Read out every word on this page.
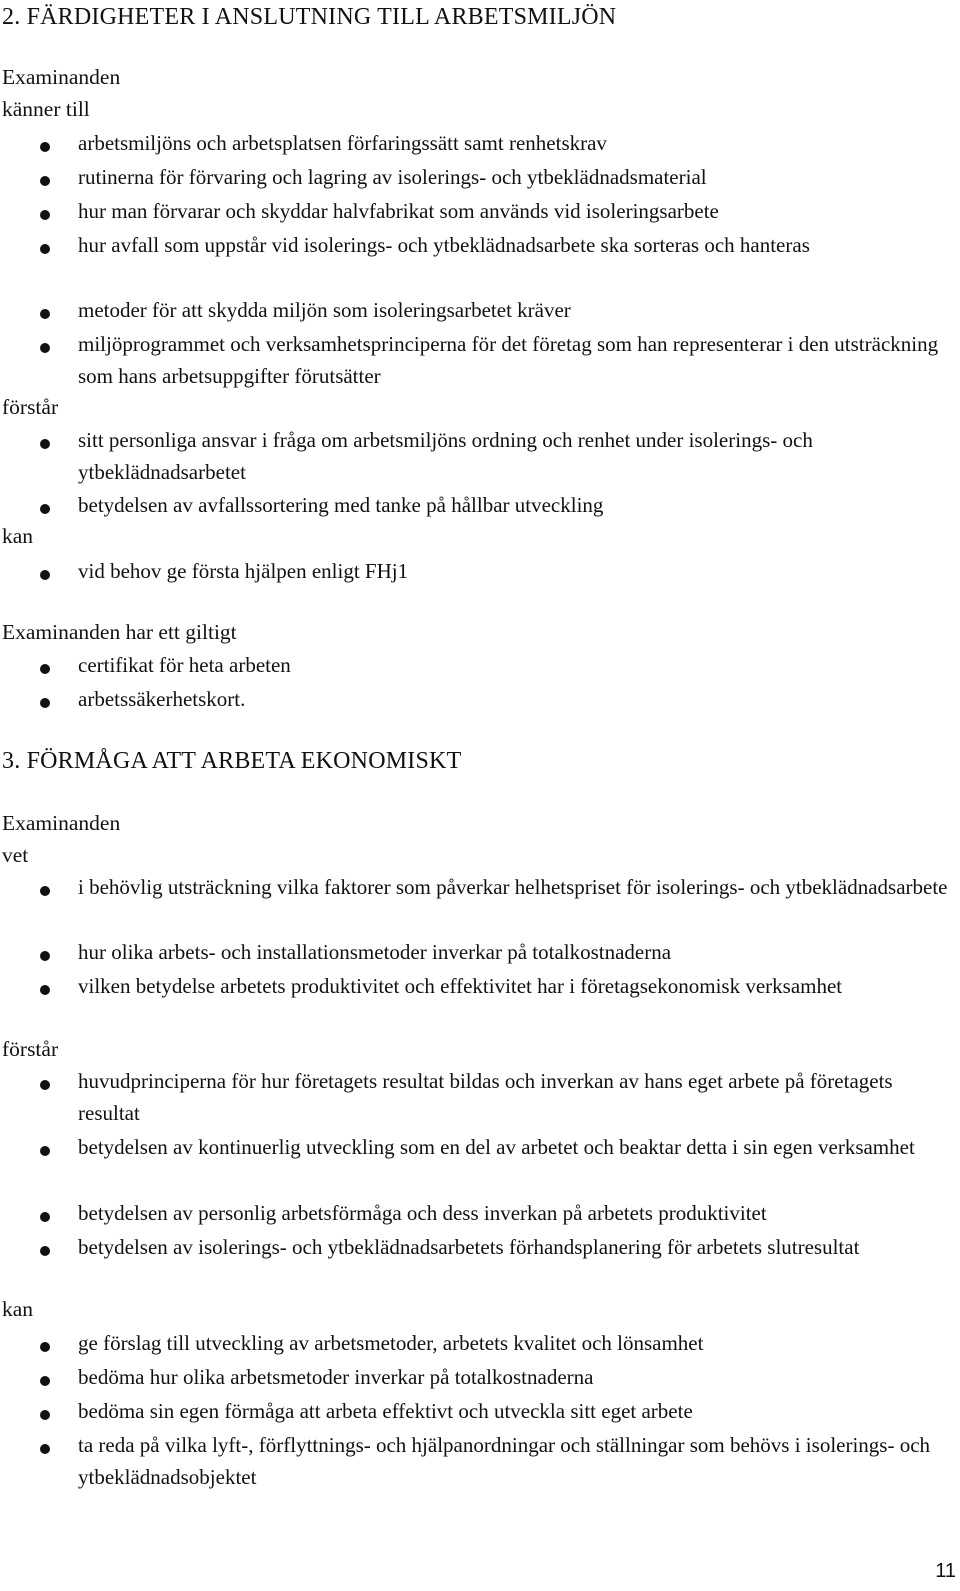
2. FÄRDIGHETER I ANSLUTNING TILL ARBETSMILJÖN

Examinanden

känner till

arbetsmiljöns och arbetsplatsen förfaringssätt samt renhetskrav

rutinerna för förvaring och lagring av isolerings- och ytbeklädnadsmaterial

hur man förvarar och skyddar halvfabrikat som används vid isoleringsarbete

hur avfall som uppstår vid isolerings- och ytbeklädnadsarbete ska sorteras och hanteras

metoder för att skydda miljön som isoleringsarbetet kräver

miljöprogrammet och verksamhetsprinciperna för det företag som han representerar i den utsträckning som hans arbetsuppgifter förutsätter

förstår

sitt personliga ansvar i fråga om arbetsmiljöns ordning och renhet under isolerings- och ytbeklädnadsarbetet

betydelsen av avfallssortering med tanke på hållbar utveckling

kan

vid behov ge första hjälpen enligt FHj1

Examinanden har ett giltigt

certifikat för heta arbeten

arbetssäkerhetskort.

3. FÖRMÅGA ATT ARBETA EKONOMISKT

Examinanden

vet

i behövlig utsträckning vilka faktorer som påverkar helhetspriset för isolerings- och ytbeklädnadsarbete

hur olika arbets- och installationsmetoder inverkar på totalkostnaderna

vilken betydelse arbetets produktivitet och effektivitet har i företagsekonomisk verksamhet

förstår

huvudprinciperna för hur företagets resultat bildas och inverkan av hans eget arbete på företagets resultat

betydelsen av kontinuerlig utveckling som en del av arbetet och beaktar detta i sin egen verksamhet

betydelsen av personlig arbetsförmåga och dess inverkan på arbetets produktivitet

betydelsen av isolerings- och ytbeklädnadsarbetets förhandsplanering för arbetets slutresultat

kan

ge förslag till utveckling av arbetsmetoder, arbetets kvalitet och lönsamhet

bedöma hur olika arbetsmetoder inverkar på totalkostnaderna

bedöma sin egen förmåga att arbeta effektivt och utveckla sitt eget arbete

ta reda på vilka lyft-, förflyttnings- och hjälpanordningar och ställningar som behövs i isolerings- och ytbeklädnadsobjektet

11
